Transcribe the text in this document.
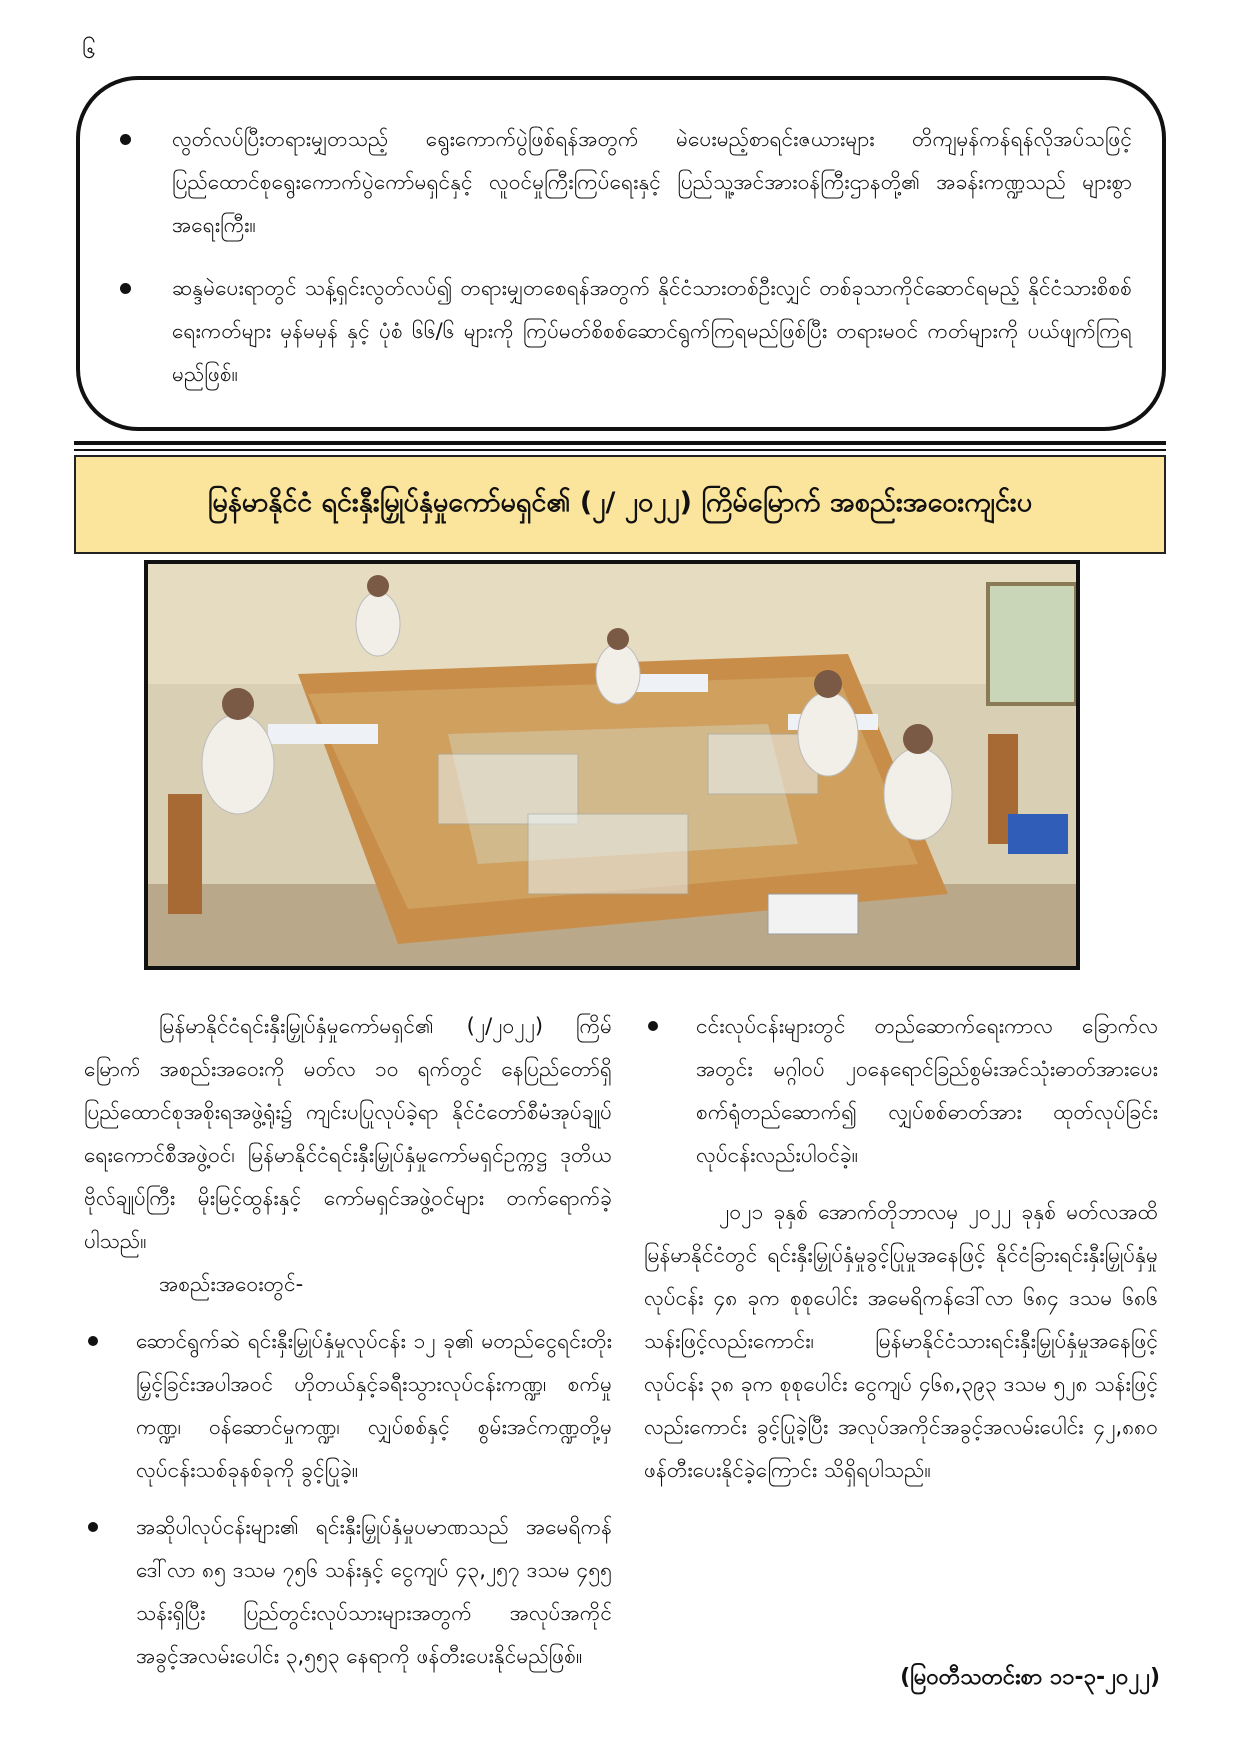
၆
လွတ်လပ်ပြီးတရားမျှတသည့် ရွေးကောက်ပွဲဖြစ်ရန်အတွက် မဲပေးမည့်စာရင်းဇယားများ တိကျမှန်ကန်ရန်လိုအပ်သဖြင့် ပြည်ထောင်စုရွေးကောက်ပွဲကော်မရှင်နှင့် လူဝင်မှုကြီးကြပ်ရေးနှင့် ပြည်သူ့အင်အားဝန်ကြီးဌာနတို့၏ အခန်းကဏ္ဍသည် များစွာအရေးကြီး။
ဆန္ဒမဲပေးရာတွင် သန့်ရှင်းလွတ်လပ်၍ တရားမျှတစေရန်အတွက် နိုင်ငံသားတစ်ဦးလျှင် တစ်ခုသာကိုင်ဆောင်ရမည့် နိုင်ငံသားစိစစ်ရေးကတ်များ မှန်မမှန် နှင့် ပုံစံ ၆၆/၆ များကို ကြပ်မတ်စိစစ်ဆောင်ရွက်ကြရမည်ဖြစ်ပြီး တရားမဝင် ကတ်များကို ပယ်ဖျက်ကြရမည်ဖြစ်။
မြန်မာနိုင်ငံ ရင်းနှီးမြှုပ်နှံမှုကော်မရှင်၏ (၂/ ၂၀၂၂) ကြိမ်မြောက် အစည်းအဝေးကျင်းပ

မြန်မာနိုင်ငံရင်းနှီးမြှုပ်နှံမှုကော်မရှင်၏ (၂/၂၀၂၂) ကြိမ်မြောက် အစည်းအဝေးကို မတ်လ ၁၀ ရက်တွင် နေပြည်တော်ရှိ ပြည်ထောင်စုအစိုးရအဖွဲ့ရုံး၌ ကျင်းပပြုလုပ်ခဲ့ရာ နိုင်ငံတော်စီမံအုပ်ချုပ်ရေးကောင်စီအဖွဲ့ဝင်၊ မြန်မာနိုင်ငံရင်းနှီးမြှုပ်နှံမှုကော်မရှင်ဥက္ကဋ္ဌ ဒုတိယဗိုလ်ချုပ်ကြီး မိုးမြင့်ထွန်းနှင့် ကော်မရှင်အဖွဲ့ဝင်များ တက်ရောက်ခဲ့ပါသည်။

အစည်းအဝေးတွင်-

ဆောင်ရွက်ဆဲ ရင်းနှီးမြှုပ်နှံမှုလုပ်ငန်း ၁၂ ခု၏ မတည်ငွေရင်းတိုးမြှင့်ခြင်းအပါအဝင် ဟိုတယ်နှင့်ခရီးသွားလုပ်ငန်းကဏ္ဍ၊ စက်မှုကဏ္ဍ၊ ဝန်ဆောင်မှုကဏ္ဍ၊ လျှပ်စစ်နှင့် စွမ်းအင်ကဏ္ဍတို့မှ လုပ်ငန်းသစ်ခုနစ်ခုကို ခွင့်ပြုခဲ့။

အဆိုပါလုပ်ငန်းများ၏ ရင်းနှီးမြှုပ်နှံမှုပမာဏသည် အမေရိကန်ဒေါ်လာ ၈၅ ဒသမ ၇၅၆ သန်းနှင့် ငွေကျပ် ၄၃,၂၅၇ ဒသမ ၄၅၅ သန်းရှိပြီး ပြည်တွင်းလုပ်သားများအတွက် အလုပ်အကိုင်အခွင့်အလမ်းပေါင်း ၃,၅၅၃ နေရာကို ဖန်တီးပေးနိုင်မည်ဖြစ်။

ငင်းလုပ်ငန်းများတွင် တည်ဆောက်ရေးကာလ ခြောက်လအတွင်း မဂ္ဂါဝပ် ၂၀နေရောင်ခြည်စွမ်းအင်သုံးဓာတ်အားပေးစက်ရုံတည်ဆောက်၍ လျှပ်စစ်ဓာတ်အား ထုတ်လုပ်ခြင်းလုပ်ငန်းလည်းပါဝင်ခဲ့။

၂၀၂၁ ခုနှစ် အောက်တိုဘာလမှ ၂၀၂၂ ခုနှစ် မတ်လအထိ မြန်မာနိုင်ငံတွင် ရင်းနှီးမြှုပ်နှံမှုခွင့်ပြုမှုအနေဖြင့် နိုင်ငံခြားရင်းနှီးမြှုပ်နှံမှုလုပ်ငန်း ၄၈ ခုက စုစုပေါင်း အမေရိကန်ဒေါ်လာ ၆၈၄ ဒသမ ၆၈၆ သန်းဖြင့်လည်းကောင်း၊ မြန်မာနိုင်ငံသားရင်းနှီးမြှုပ်နှံမှုအနေဖြင့် လုပ်ငန်း ၃၈ ခုက စုစုပေါင်း ငွေကျပ် ၄၆၈,၃၉၃ ဒသမ ၅၂၈ သန်းဖြင့်လည်းကောင်း ခွင့်ပြုခဲ့ပြီး အလုပ်အကိုင်အခွင့်အလမ်းပေါင်း ၄၂,၈၈၀ ဖန်တီးပေးနိုင်ခဲ့ကြောင်း သိရှိရပါသည်။

(မြဝတီသတင်းစာ ၁၁-၃-၂၀၂၂)
